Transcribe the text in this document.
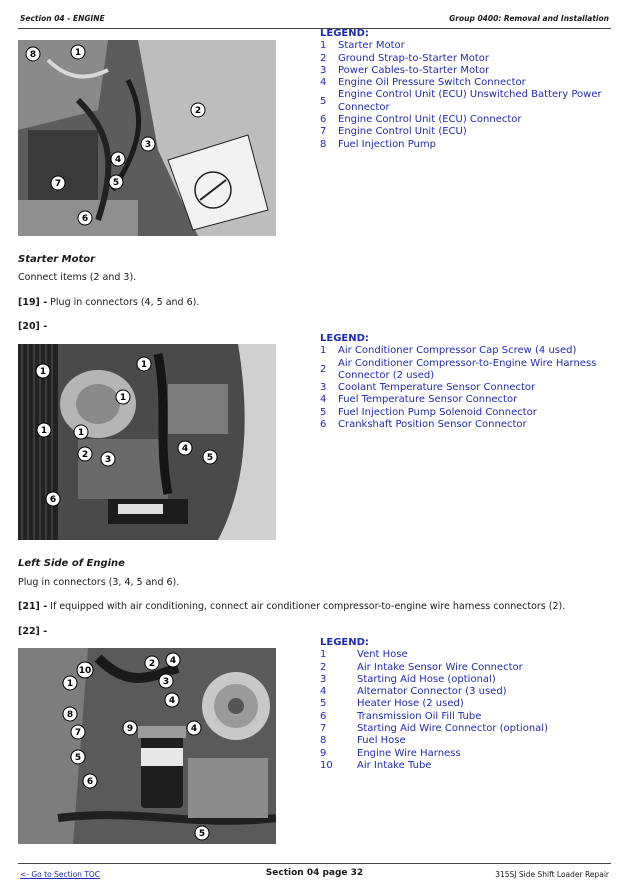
Section 04 - ENGINE	Group 0400: Removal and Installation
8	1
2
3
4
7	5
6
LEGEND:
1	Starter Motor
2	Ground Strap-to-Starter Motor
3	Power Cables-to-Starter Motor
4	Engine Oil Pressure Switch Connector
5	Engine Control Unit (ECU) Unswitched Battery Power Connector
6	Engine Control Unit (ECU) Connector
7	Engine Control Unit (ECU)
8	Fuel Injection Pump
Starter Motor
Connect items (2 and 3).
[19] - Plug in connectors (4, 5 and 6).
[20] -
1
1
1
1	1
2 3
4
5
6
LEGEND:
1	Air Conditioner Compressor Cap Screw (4 used)
2	Air Conditioner Compressor-to-Engine Wire Harness Connector (2 used)
3	Coolant Temperature Sensor Connector
4	Fuel Temperature Sensor Connector
5	Fuel Injection Pump Solenoid Connector
6	Crankshaft Position Sensor Connector
Left Side of Engine
Plug in connectors (3, 4, 5 and 6).
[21] - If equipped with air conditioning, connect air conditioner compressor-to-engine wire harness connectors (2).
[22] -
10
2 4
1	3
4
8
9	4
7
5
6
5
LEGEND:
1	Vent Hose
2	Air Intake Sensor Wire Connector
3	Starting Aid Hose (optional)
4	Alternator Connector (3 used)
5	Heater Hose (2 used)
6	Transmission Oil Fill Tube
7	Starting Aid Wire Connector (optional)
8	Fuel Hose
9	Engine Wire Harness
10	Air Intake Tube
<- Go to Section TOC	Section 04 page 32	315SJ Side Shift Loader Repair
